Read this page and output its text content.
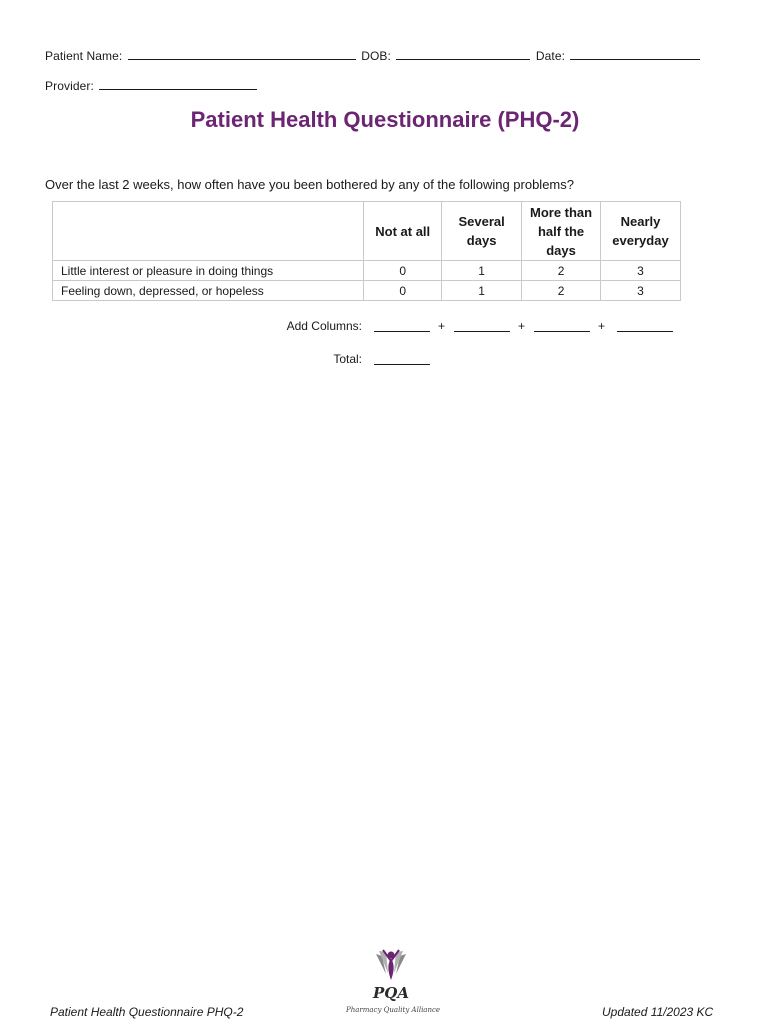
Patient Name:	DOB:	Date:
Provider:
Patient Health Questionnaire (PHQ-2)
Over the last 2 weeks, how often have you been bothered by any of the following problems?
	Not at all	Several days	More than half the days	Nearly everyday
Little interest or pleasure in doing things	0	1	2	3
Feeling down, depressed, or hopeless	0	1	2	3
Add Columns:	+	+	+
Total:
Patient Health Questionnaire PHQ-2
PQA
Pharmacy Quality Alliance	Updated 11/2023 KC
